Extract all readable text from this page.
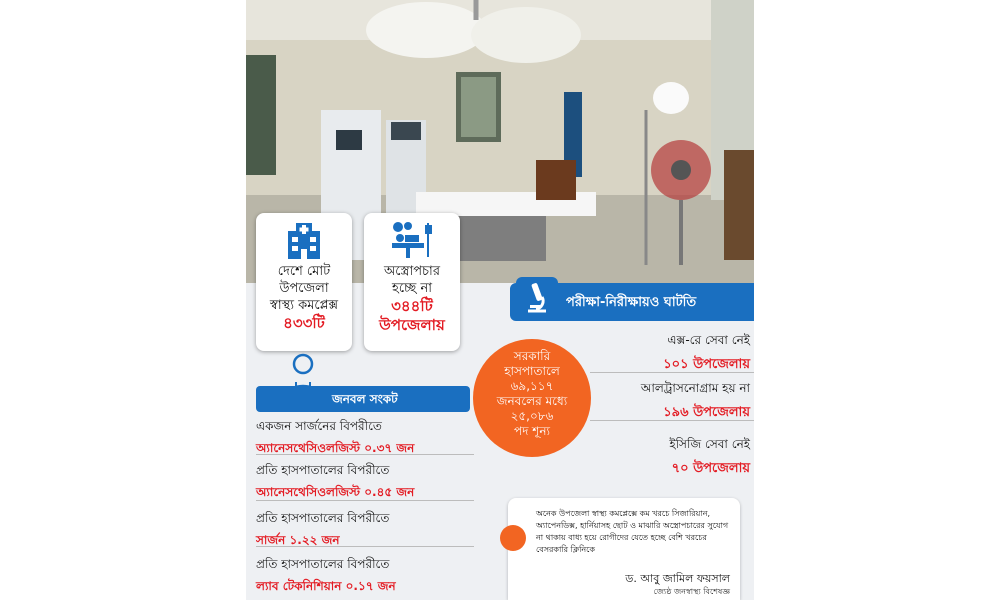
দেশে মোট
উপজেলা
স্বাস্থ্য কমপ্লেক্স
৪৩৩টি
অস্ত্রোপচার
হচ্ছে না
৩৪৪টি
উপজেলায়
পরীক্ষা-নিরীক্ষায়ও ঘাটতি
এক্স-রে সেবা নেই
১০১ উপজেলায়
আলট্রাসনোগ্রাম হয় না
১৯৬ উপজেলায়
ইসিজি সেবা নেই
৭০ উপজেলায়
সরকারি
হাসপাতালে
৬৯,১১৭
জনবলের মধ্যে
২৫,০৮৬
পদ শূন্য
জনবল সংকট
একজন সার্জনের বিপরীতে
অ্যানেসথেসিওলজিস্ট ০.৩৭ জন
প্রতি হাসপাতালের বিপরীতে
অ্যানেসথেসিওলজিস্ট ০.৪৫ জন
প্রতি হাসপাতালের বিপরীতে
সার্জন ১.২২ জন
প্রতি হাসপাতালের বিপরীতে
ল্যাব টেকনিশিয়ান ০.১৭ জন
অনেক উপজেলা স্বাস্থ্য কমপ্লেক্সে কম খরচে সিজারিয়ান, অ্যাপেনডিক্স, হার্নিয়াসহ ছোট ও মাঝারি অস্ত্রোপচারের সুযোগ না থাকায় বাধ্য হয়ে রোগীদের যেতে হচ্ছে বেশি খরচের বেসরকারি ক্লিনিকে
ড. আবু জামিল ফয়সাল
জ্যেষ্ঠ জনস্বাস্থ্য বিশেষজ্ঞ
